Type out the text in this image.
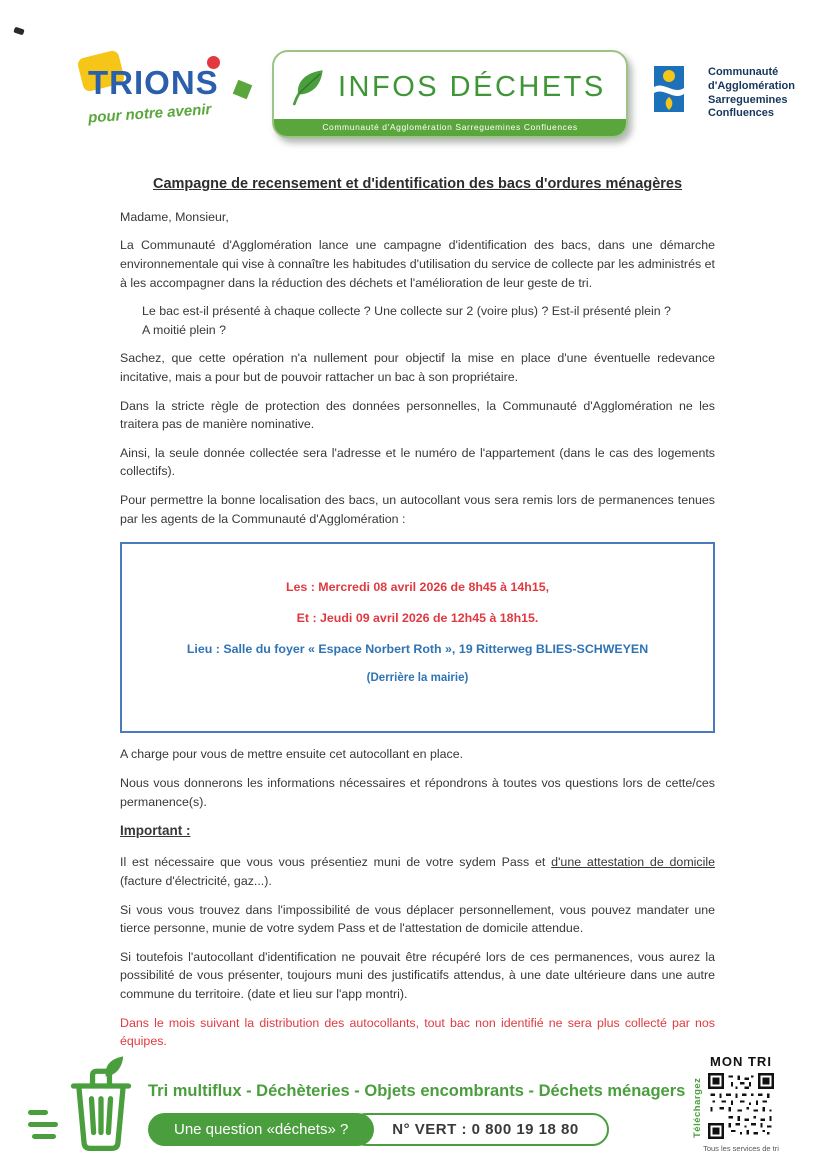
TRIONS
pour notre avenir
INFOS DÉCHETS
Communauté d'Agglomération Sarreguemines Confluences
Communauté
d'Agglomération
Sarreguemines
Confluences
Campagne de recensement et d'identification des bacs d'ordures ménagères

Madame, Monsieur,

La Communauté d'Agglomération lance une campagne d'identification des bacs, dans une démarche environnementale qui vise à connaître les habitudes d'utilisation du service de collecte par les administrés et à les accompagner dans la réduction des déchets et l'amélioration de leur geste de tri.

Le bac est-il présenté à chaque collecte ? Une collecte sur 2 (voire plus) ? Est-il présenté plein ?

A moitié plein ?

Sachez, que cette opération n'a nullement pour objectif la mise en place d'une éventuelle redevance incitative, mais a pour but de pouvoir rattacher un bac à son propriétaire.

Dans la stricte règle de protection des données personnelles, la Communauté d'Agglomération ne les traitera pas de manière nominative.

Ainsi, la seule donnée collectée sera l'adresse et le numéro de l'appartement (dans le cas des logements collectifs).

Pour permettre la bonne localisation des bacs, un autocollant vous sera remis lors de permanences tenues par les agents de la Communauté d'Agglomération :

Les : Mercredi 08 avril 2026 de 8h45 à 14h15,

Et : Jeudi 09 avril 2026 de 12h45 à 18h15.

Lieu : Salle du foyer « Espace Norbert Roth », 19 Ritterweg BLIES-SCHWEYEN

(Derrière la mairie)

A charge pour vous de mettre ensuite cet autocollant en place.

Nous vous donnerons les informations nécessaires et répondrons à toutes vos questions lors de cette/ces permanence(s).

Important :

Il est nécessaire que vous vous présentiez muni de votre sydem Pass et d'une attestation de domicile (facture d'électricité, gaz...).

Si vous vous trouvez dans l'impossibilité de vous déplacer personnellement, vous pouvez mandater une tierce personne, munie de votre sydem Pass et de l'attestation de domicile attendue.

Si toutefois l'autocollant d'identification ne pouvait être récupéré lors de ces permanences, vous aurez la possibilité de vous présenter, toujours muni des justificatifs attendus, à une date ultérieure dans une autre commune du territoire. (date et lieu sur l'app montri).

Dans le mois suivant la distribution des autocollants, tout bac non identifié ne sera plus collecté par nos équipes.

Tri multiflux - Déchèteries - Objets encombrants - Déchets ménagers
Une question «déchets» ?	N° VERT : 0 800 19 18 80
MON TRI
Téléchargez
Tous les services de tri
